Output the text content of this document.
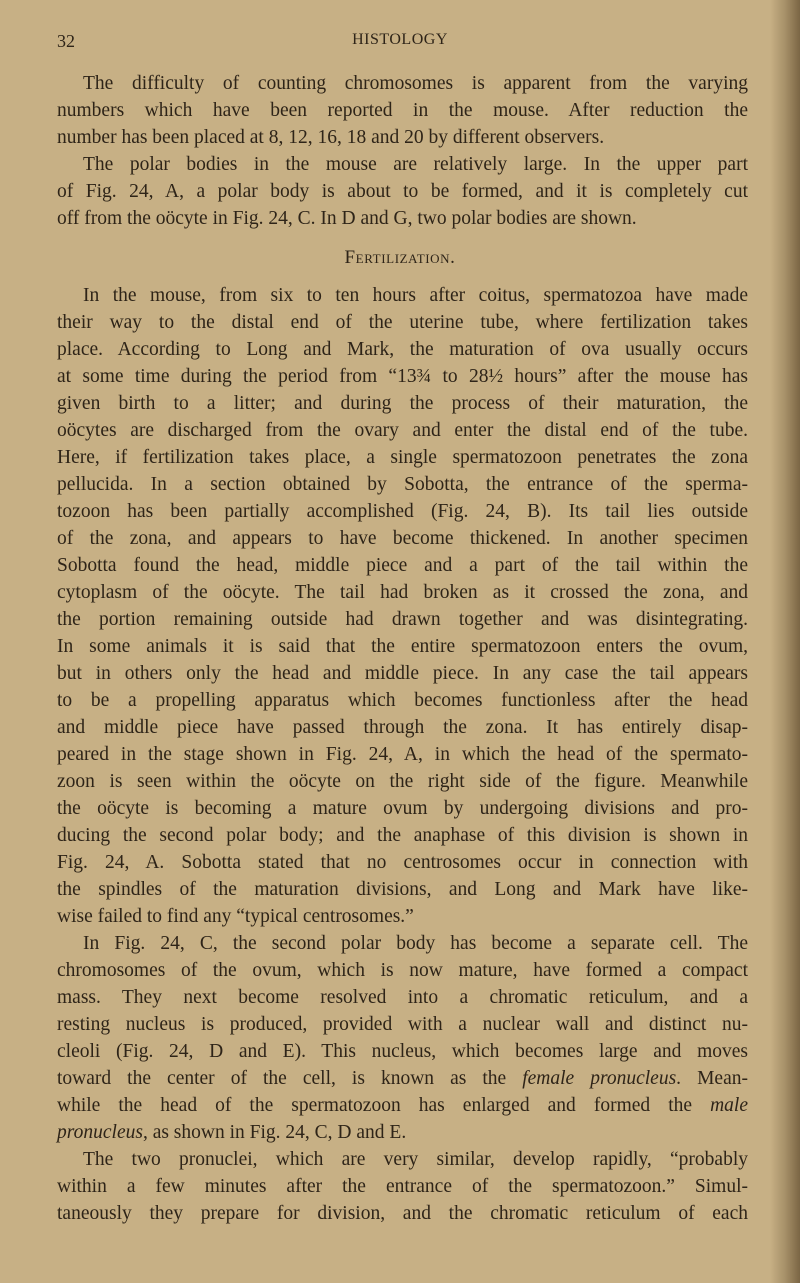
32	HISTOLOGY
The difficulty of counting chromosomes is apparent from the varying
numbers which have been reported in the mouse. After reduction the
number has been placed at 8, 12, 16, 18 and 20 by different observers.
The polar bodies in the mouse are relatively large. In the upper part
of Fig. 24, A, a polar body is about to be formed, and it is completely cut
off from the oöcyte in Fig. 24, C. In D and G, two polar bodies are shown.
Fertilization.
In the mouse, from six to ten hours after coitus, spermatozoa have made
their way to the distal end of the uterine tube, where fertilization takes
place. According to Long and Mark, the maturation of ova usually occurs
at some time during the period from “13¾ to 28½ hours” after the mouse has
given birth to a litter; and during the process of their maturation, the
oöcytes are discharged from the ovary and enter the distal end of the tube.
Here, if fertilization takes place, a single spermatozoon penetrates the zona
pellucida. In a section obtained by Sobotta, the entrance of the sperma-
tozoon has been partially accomplished (Fig. 24, B). Its tail lies outside
of the zona, and appears to have become thickened. In another specimen
Sobotta found the head, middle piece and a part of the tail within the
cytoplasm of the oöcyte. The tail had broken as it crossed the zona, and
the portion remaining outside had drawn together and was disintegrating.
In some animals it is said that the entire spermatozoon enters the ovum,
but in others only the head and middle piece. In any case the tail appears
to be a propelling apparatus which becomes functionless after the head
and middle piece have passed through the zona. It has entirely disap-
peared in the stage shown in Fig. 24, A, in which the head of the spermato-
zoon is seen within the oöcyte on the right side of the figure. Meanwhile
the oöcyte is becoming a mature ovum by undergoing divisions and pro-
ducing the second polar body; and the anaphase of this division is shown in
Fig. 24, A. Sobotta stated that no centrosomes occur in connection with
the spindles of the maturation divisions, and Long and Mark have like-
wise failed to find any “typical centrosomes.”
In Fig. 24, C, the second polar body has become a separate cell. The
chromosomes of the ovum, which is now mature, have formed a compact
mass. They next become resolved into a chromatic reticulum, and a
resting nucleus is produced, provided with a nuclear wall and distinct nu-
cleoli (Fig. 24, D and E). This nucleus, which becomes large and moves
toward the center of the cell, is known as the female pronucleus. Mean-
while the head of the spermatozoon has enlarged and formed the male
pronucleus, as shown in Fig. 24, C, D and E.
The two pronuclei, which are very similar, develop rapidly, “probably
within a few minutes after the entrance of the spermatozoon.” Simul-
taneously they prepare for division, and the chromatic reticulum of each
